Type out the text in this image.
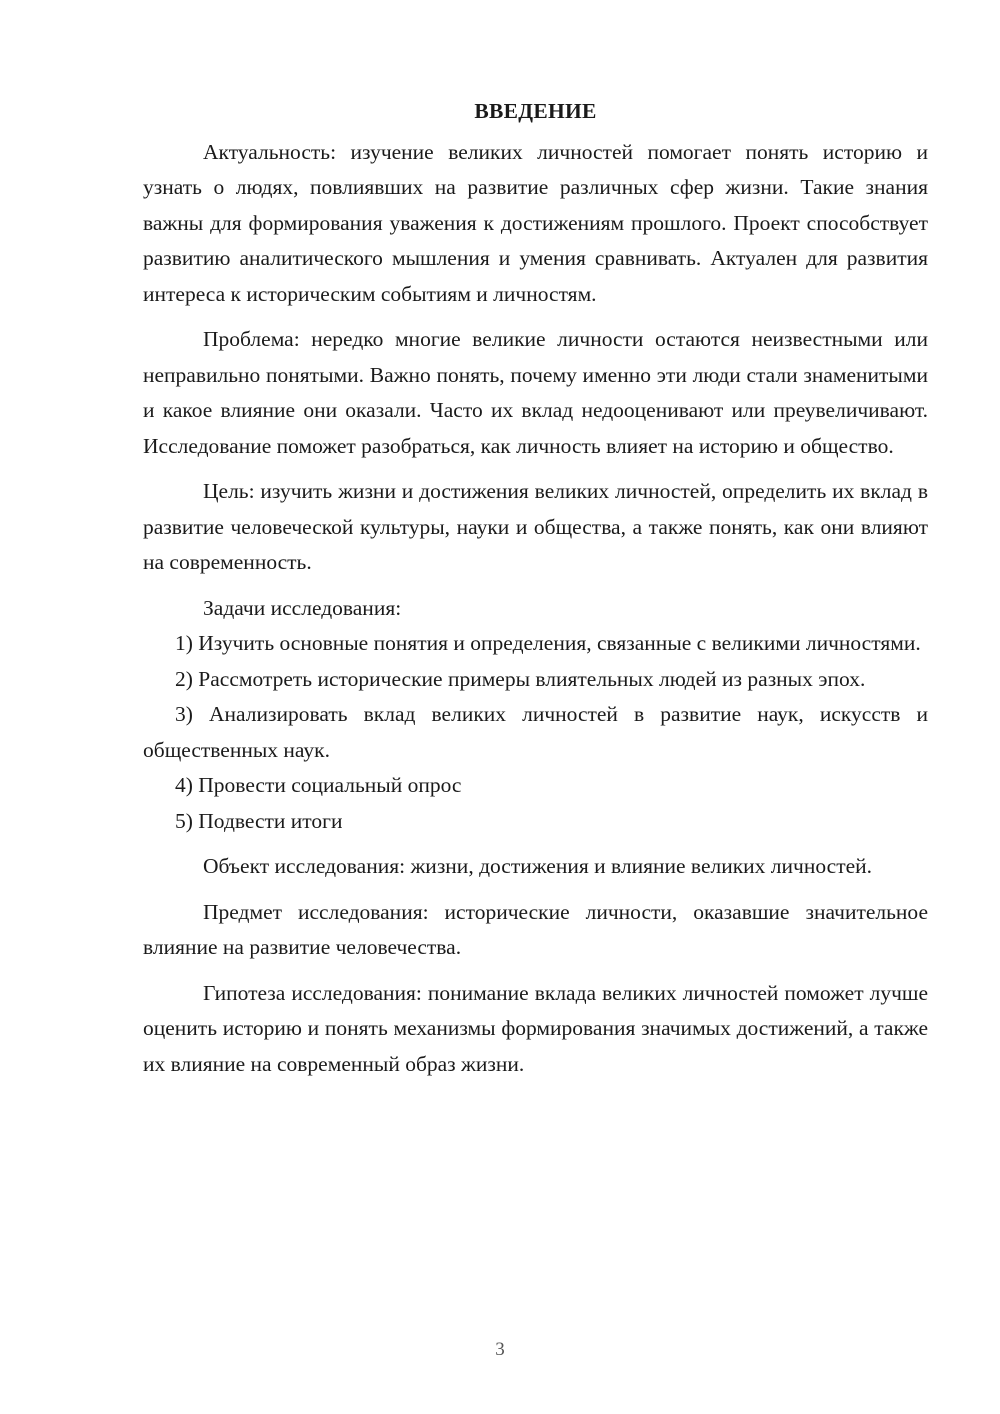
ВВЕДЕНИЕ

Актуальность: изучение великих личностей помогает понять историю и узнать о людях, повлиявших на развитие различных сфер жизни. Такие знания важны для формирования уважения к достижениям прошлого. Проект способствует развитию аналитического мышления и умения сравнивать. Актуален для развития интереса к историческим событиям и личностям.

Проблема: нередко многие великие личности остаются неизвестными или неправильно понятыми. Важно понять, почему именно эти люди стали знаменитыми и какое влияние они оказали. Часто их вклад недооценивают или преувеличивают. Исследование поможет разобраться, как личность влияет на историю и общество.

Цель: изучить жизни и достижения великих личностей, определить их вклад в развитие человеческой культуры, науки и общества, а также понять, как они влияют на современность.

Задачи исследования:

1) Изучить основные понятия и определения, связанные с великими личностями.

2) Рассмотреть исторические примеры влиятельных людей из разных эпох.

3) Анализировать вклад великих личностей в развитие наук, искусств и общественных наук.

4) Провести социальный опрос

5) Подвести итоги

Объект исследования: жизни, достижения и влияние великих личностей.

Предмет исследования: исторические личности, оказавшие значительное влияние на развитие человечества.

Гипотеза исследования: понимание вклада великих личностей поможет лучше оценить историю и понять механизмы формирования значимых достижений, а также их влияние на современный образ жизни.

3
